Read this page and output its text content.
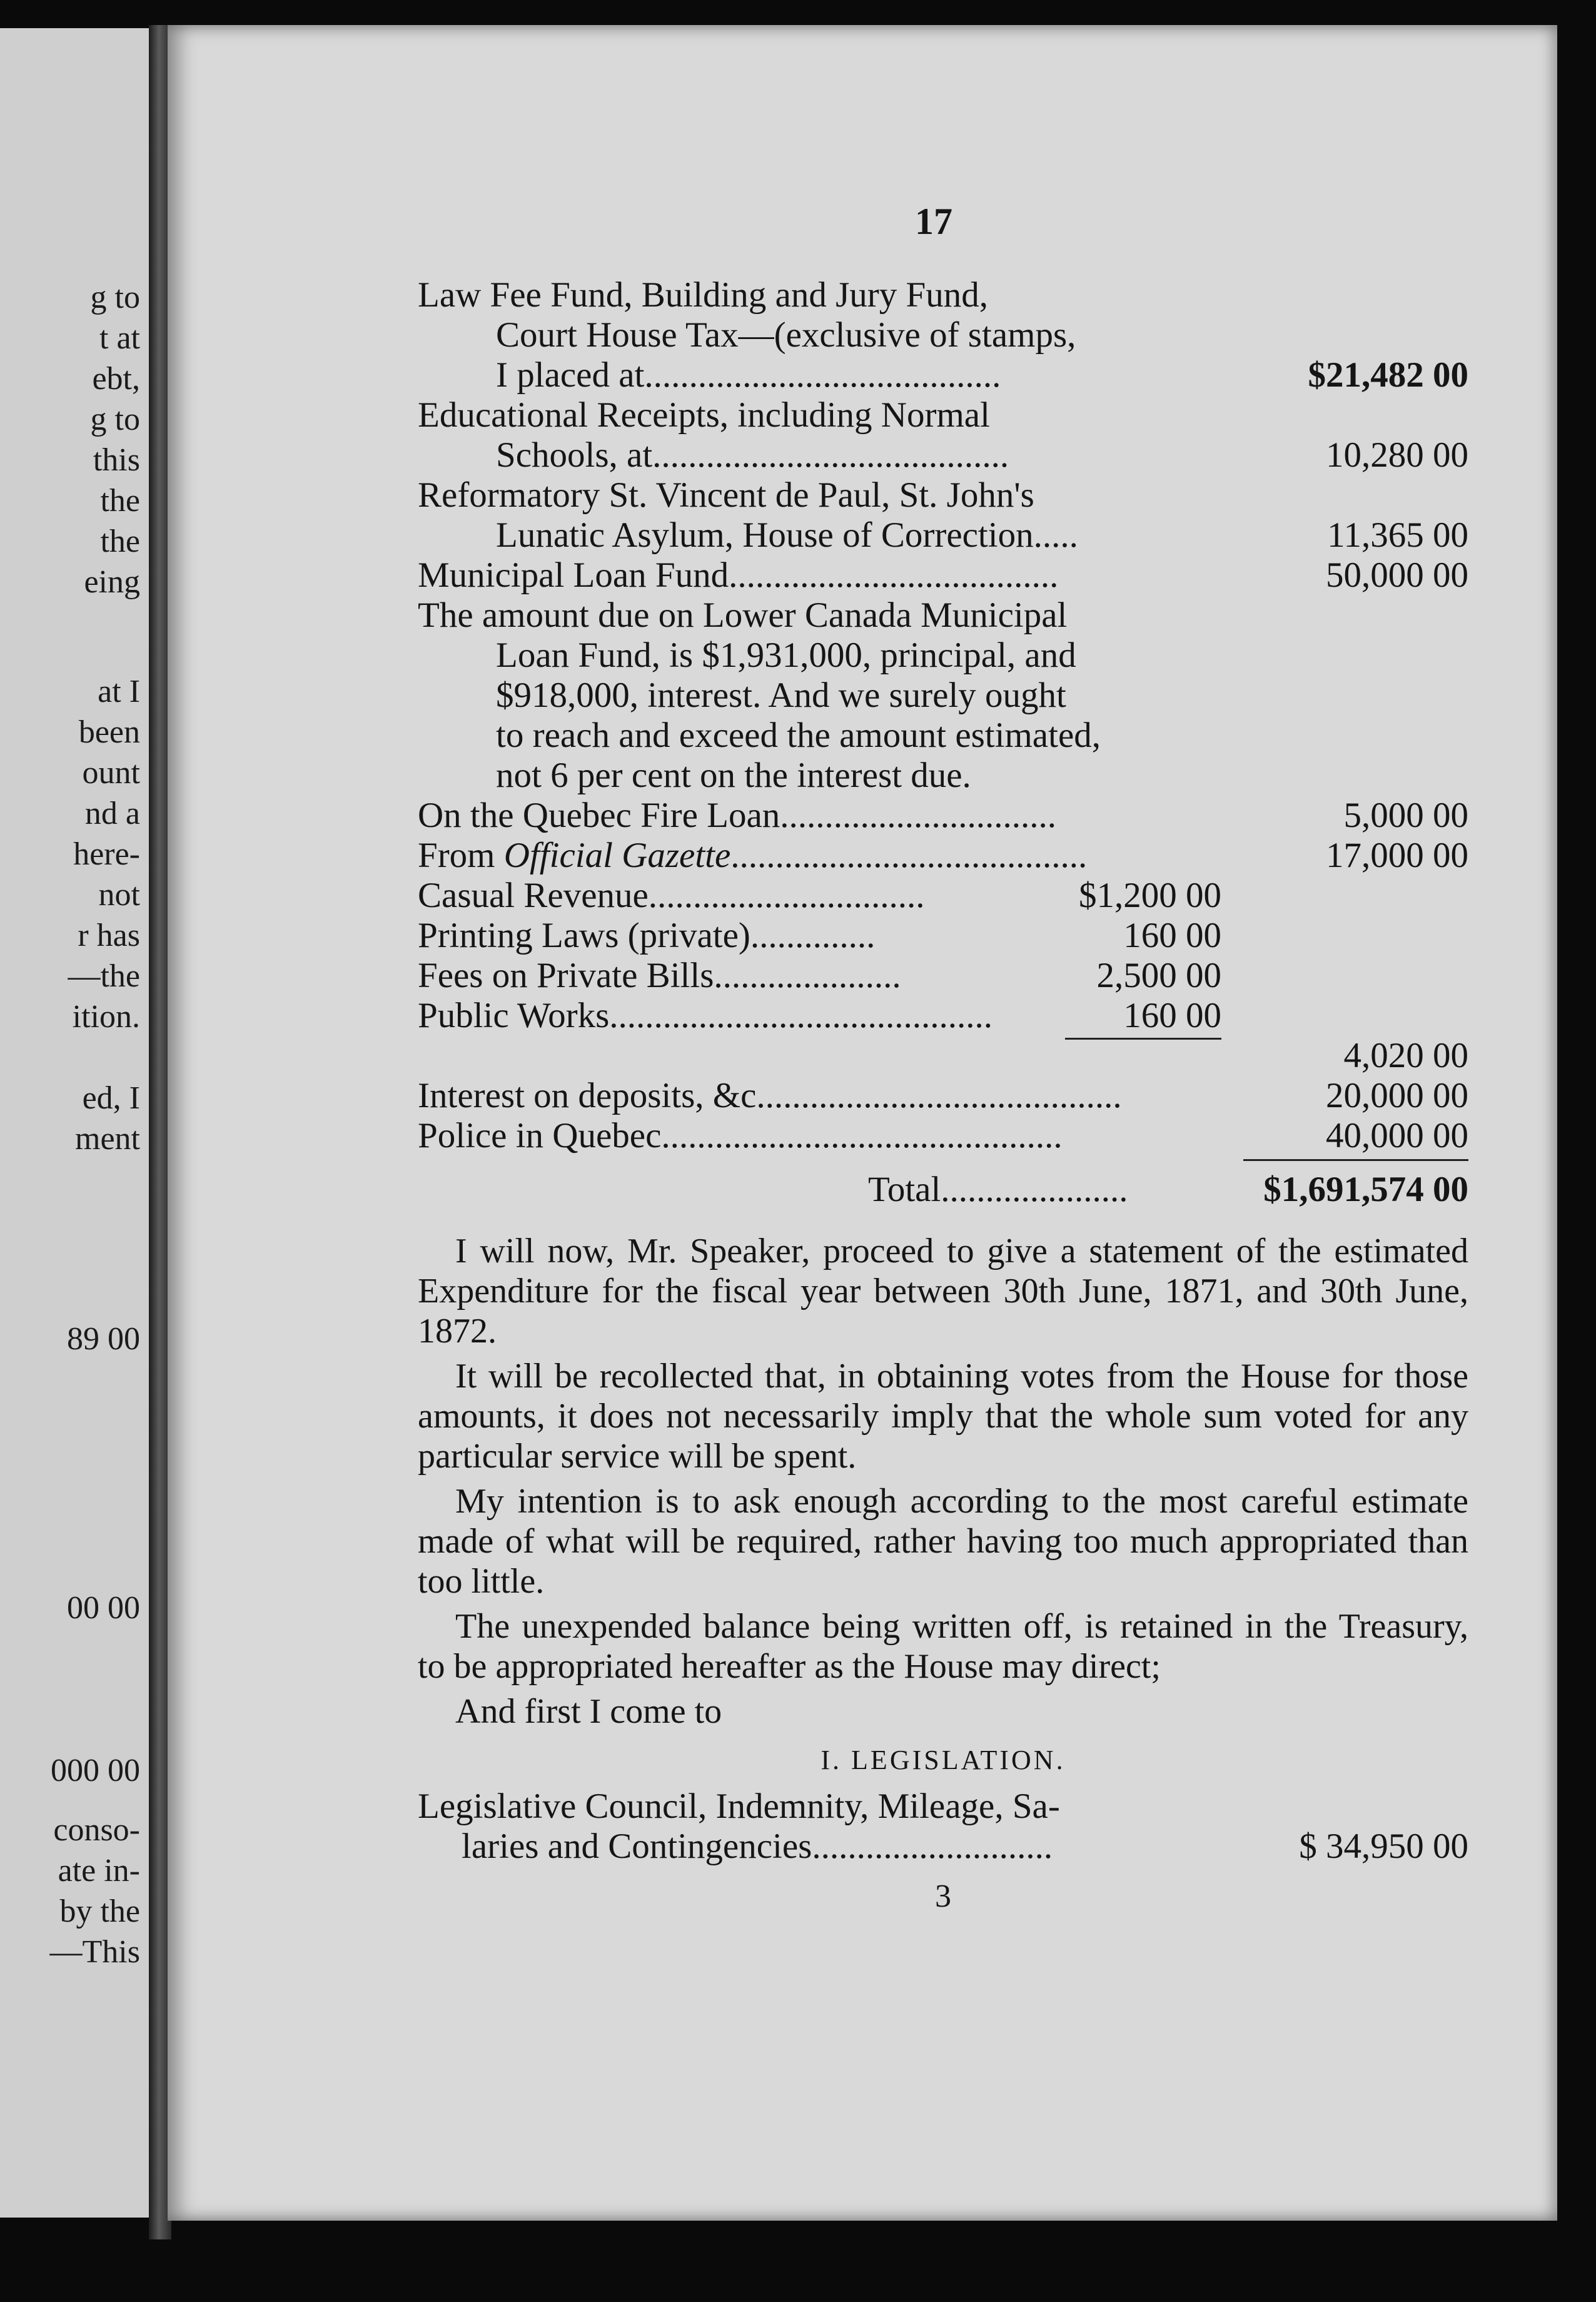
g to
t at
ebt,
g to
this
the
the
eing
at I
been
ount
nd a
here-
not
r has
—the
ition.
ed, I
ment
89 00
00 00
000 00
conso-
ate in-
by the
—This
17
Law Fee Fund, Building and Jury Fund,
Court House Tax—(exclusive of stamps,
I placed at........................................	$21,482 00
Educational Receipts, including Normal
Schools, at........................................	10,280 00
Reformatory St. Vincent de Paul, St. John's
Lunatic Asylum, House of Correction.....	11,365 00
Municipal Loan Fund.....................................	50,000 00
The amount due on Lower Canada Municipal
Loan Fund, is $1,931,000, principal, and
$918,000, interest. And we surely ought
to reach and exceed the amount estimated,
not 6 per cent on the interest due.
On the Quebec Fire Loan...............................	5,000 00
From Official Gazette........................................	17,000 00
Casual Revenue...............................	$1,200 00
Printing Laws (private)..............	160 00
Fees on Private Bills.....................	2,500 00
Public Works...........................................	160 00
4,020 00
Interest on deposits, &c.........................................	20,000 00
Police in Quebec.............................................	40,000 00
Total.....................	$1,691,574 00

I will now, Mr. Speaker, proceed to give a statement of the estimated Expenditure for the fiscal year between 30th June, 1871, and 30th June, 1872.

It will be recollected that, in obtaining votes from the House for those amounts, it does not necessarily imply that the whole sum voted for any particular service will be spent.

My intention is to ask enough according to the most careful estimate made of what will be required, rather having too much appropriated than too little.

The unexpended balance being written off, is retained in the Treasury, to be appropriated hereafter as the House may direct;

And first I come to

I. LEGISLATION.
Legislative Council, Indemnity, Mileage, Sa-
laries and Contingencies...........................	$ 34,950 00
3
